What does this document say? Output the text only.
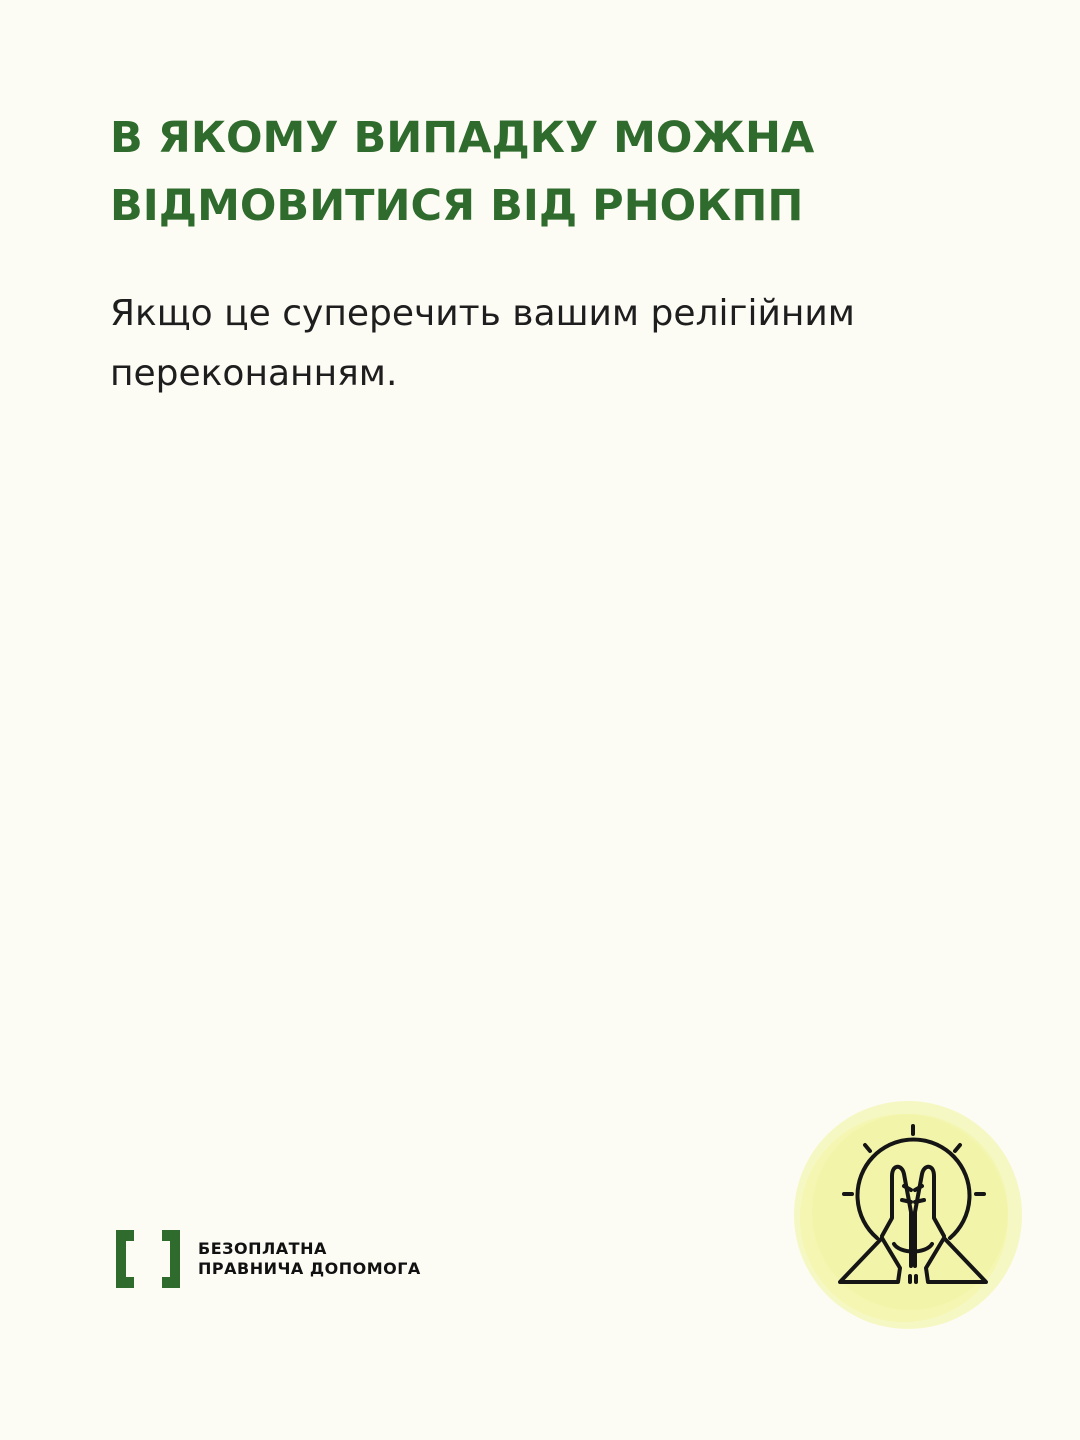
В ЯКОМУ ВИПАДКУ МОЖНА
ВІДМОВИТИСЯ ВІД РНОКПП

Якщо це суперечить вашим релігійним переконанням.

БЕЗОПЛАТНА
ПРАВНИЧА ДОПОМОГА
